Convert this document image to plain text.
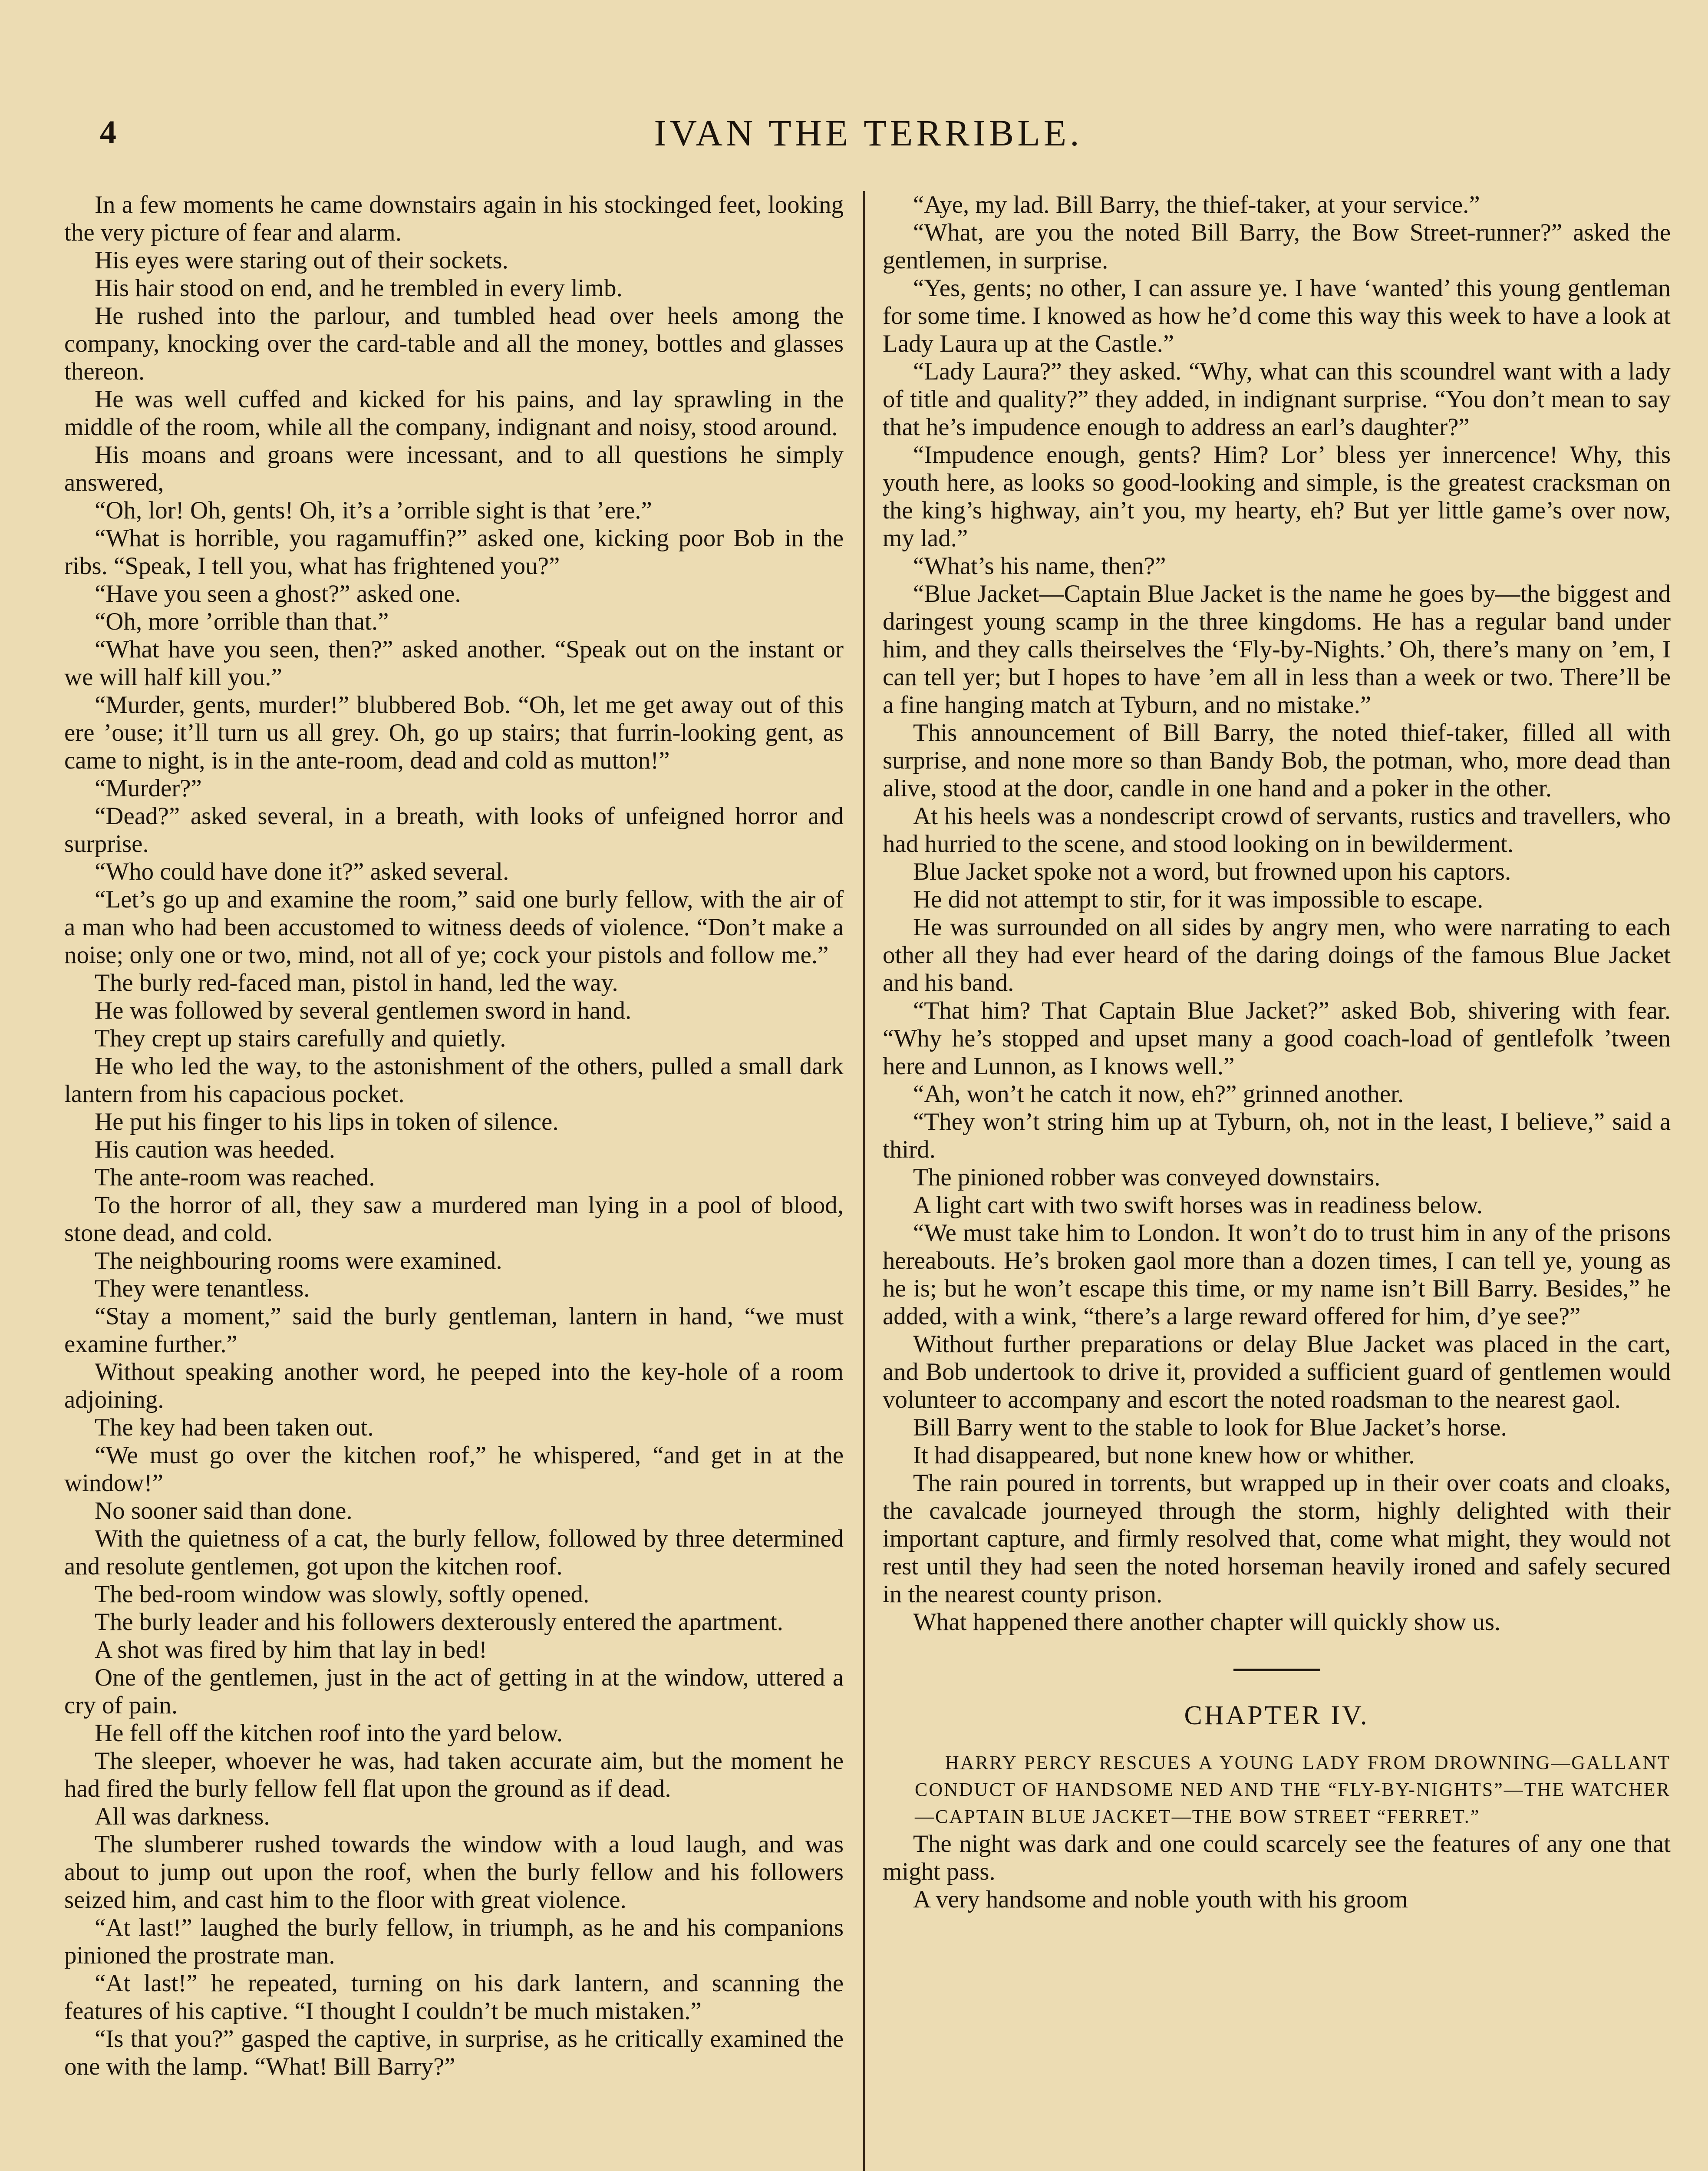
4	IVAN THE TERRIBLE.

In a few moments he came downstairs again in his stockinged feet, looking the very picture of fear and alarm.

His eyes were staring out of their sockets.

His hair stood on end, and he trembled in every limb.

He rushed into the parlour, and tumbled head over heels among the company, knocking over the card-table and all the money, bottles and glasses thereon.

He was well cuffed and kicked for his pains, and lay sprawling in the middle of the room, while all the company, indignant and noisy, stood around.

His moans and groans were incessant, and to all questions he simply answered,

“Oh, lor! Oh, gents! Oh, it’s a ’orrible sight is that ’ere.”

“What is horrible, you ragamuffin?” asked one, kicking poor Bob in the ribs. “Speak, I tell you, what has frightened you?”

“Have you seen a ghost?” asked one.

“Oh, more ’orrible than that.”

“What have you seen, then?” asked another. “Speak out on the instant or we will half kill you.”

“Murder, gents, murder!” blubbered Bob. “Oh, let me get away out of this ere ’ouse; it’ll turn us all grey. Oh, go up stairs; that furrin-looking gent, as came to night, is in the ante-room, dead and cold as mutton!”

“Murder?”

“Dead?” asked several, in a breath, with looks of unfeigned horror and surprise.

“Who could have done it?” asked several.

“Let’s go up and examine the room,” said one burly fellow, with the air of a man who had been accustomed to witness deeds of violence. “Don’t make a noise; only one or two, mind, not all of ye; cock your pistols and follow me.”

The burly red-faced man, pistol in hand, led the way.

He was followed by several gentlemen sword in hand.

They crept up stairs carefully and quietly.

He who led the way, to the astonishment of the others, pulled a small dark lantern from his capacious pocket.

He put his finger to his lips in token of silence.

His caution was heeded.

The ante-room was reached.

To the horror of all, they saw a murdered man lying in a pool of blood, stone dead, and cold.

The neighbouring rooms were examined.

They were tenantless.

“Stay a moment,” said the burly gentleman, lantern in hand, “we must examine further.”

Without speaking another word, he peeped into the key-hole of a room adjoining.

The key had been taken out.

“We must go over the kitchen roof,” he whispered, “and get in at the window!”

No sooner said than done.

With the quietness of a cat, the burly fellow, followed by three determined and resolute gentlemen, got upon the kitchen roof.

The bed-room window was slowly, softly opened.

The burly leader and his followers dexterously entered the apartment.

A shot was fired by him that lay in bed!

One of the gentlemen, just in the act of getting in at the window, uttered a cry of pain.

He fell off the kitchen roof into the yard below.

The sleeper, whoever he was, had taken accurate aim, but the moment he had fired the burly fellow fell flat upon the ground as if dead.

All was darkness.

The slumberer rushed towards the window with a loud laugh, and was about to jump out upon the roof, when the burly fellow and his followers seized him, and cast him to the floor with great violence.

“At last!” laughed the burly fellow, in triumph, as he and his companions pinioned the prostrate man.

“At last!” he repeated, turning on his dark lantern, and scanning the features of his captive. “I thought I couldn’t be much mistaken.”

“Is that you?” gasped the captive, in surprise, as he critically examined the one with the lamp. “What! Bill Barry?”

“Aye, my lad. Bill Barry, the thief-taker, at your service.”

“What, are you the noted Bill Barry, the Bow Street-runner?” asked the gentlemen, in surprise.

“Yes, gents; no other, I can assure ye. I have ‘wanted’ this young gentleman for some time. I knowed as how he’d come this way this week to have a look at Lady Laura up at the Castle.”

“Lady Laura?” they asked. “Why, what can this scoundrel want with a lady of title and quality?” they added, in indignant surprise. “You don’t mean to say that he’s impudence enough to address an earl’s daughter?”

“Impudence enough, gents? Him? Lor’ bless yer innercence! Why, this youth here, as looks so good-looking and simple, is the greatest cracksman on the king’s highway, ain’t you, my hearty, eh? But yer little game’s over now, my lad.”

“What’s his name, then?”

“Blue Jacket—Captain Blue Jacket is the name he goes by—the biggest and daringest young scamp in the three kingdoms. He has a regular band under him, and they calls theirselves the ‘Fly-by-Nights.’ Oh, there’s many on ’em, I can tell yer; but I hopes to have ’em all in less than a week or two. There’ll be a fine hanging match at Tyburn, and no mistake.”

This announcement of Bill Barry, the noted thief-taker, filled all with surprise, and none more so than Bandy Bob, the potman, who, more dead than alive, stood at the door, candle in one hand and a poker in the other.

At his heels was a nondescript crowd of servants, rustics and travellers, who had hurried to the scene, and stood looking on in bewilderment.

Blue Jacket spoke not a word, but frowned upon his captors.

He did not attempt to stir, for it was impossible to escape.

He was surrounded on all sides by angry men, who were narrating to each other all they had ever heard of the daring doings of the famous Blue Jacket and his band.

“That him? That Captain Blue Jacket?” asked Bob, shivering with fear. “Why he’s stopped and upset many a good coach-load of gentlefolk ’tween here and Lunnon, as I knows well.”

“Ah, won’t he catch it now, eh?” grinned another.

“They won’t string him up at Tyburn, oh, not in the least, I believe,” said a third.

The pinioned robber was conveyed downstairs.

A light cart with two swift horses was in readiness below.

“We must take him to London. It won’t do to trust him in any of the prisons hereabouts. He’s broken gaol more than a dozen times, I can tell ye, young as he is; but he won’t escape this time, or my name isn’t Bill Barry. Besides,” he added, with a wink, “there’s a large reward offered for him, d’ye see?”

Without further preparations or delay Blue Jacket was placed in the cart, and Bob undertook to drive it, provided a sufficient guard of gentlemen would volunteer to accompany and escort the noted roadsman to the nearest gaol.

Bill Barry went to the stable to look for Blue Jacket’s horse.

It had disappeared, but none knew how or whither.

The rain poured in torrents, but wrapped up in their over coats and cloaks, the cavalcade journeyed through the storm, highly delighted with their important capture, and firmly resolved that, come what might, they would not rest until they had seen the noted horseman heavily ironed and safely secured in the nearest county prison.

What happened there another chapter will quickly show us.

CHAPTER IV.

HARRY PERCY RESCUES A YOUNG LADY FROM DROWNING—GALLANT CONDUCT OF HANDSOME NED AND THE “FLY-BY-NIGHTS”—THE WATCHER—CAPTAIN BLUE JACKET—THE BOW STREET “FERRET.”

The night was dark and one could scarcely see the features of any one that might pass.

A very handsome and noble youth with his groom
